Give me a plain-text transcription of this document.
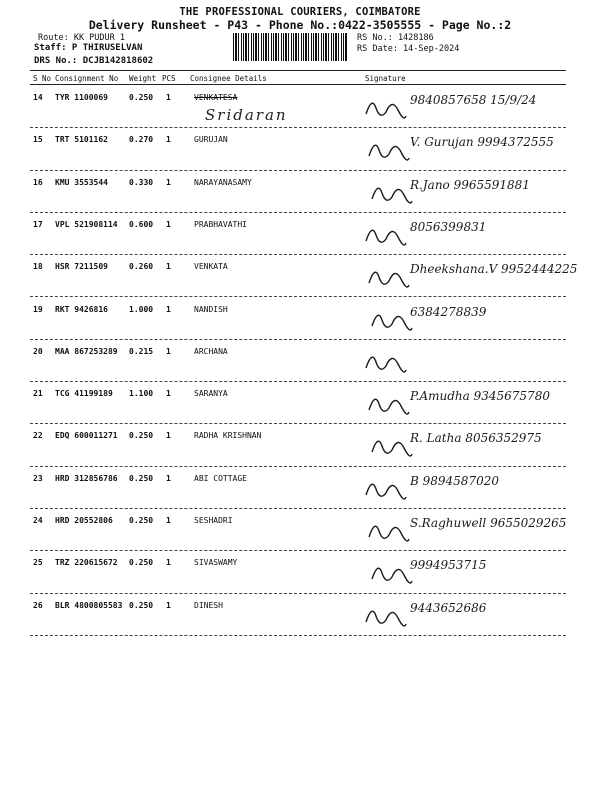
THE PROFESSIONAL COURIERS, COIMBATORE
Delivery Runsheet - P43 - Phone No.:0422-3505555 - Page No.:2
Route: KK PUDUR 1
Staff: P THIRUSELVAN
DRS No.: DCJB142818602
RS No.: 1428186
RS Date: 14-Sep-2024
S No Consignment No Weight PCS Consignee Details	Signature
14 TYR 1100069	0.250 1	VENKATESA
Sridaran
9840857658 15/9/24
15 TRT 5101162	0.270 1	GURUJAN	V. Gurujan 9994372555
16 KMU 3553544	0.330 1	NARAYANASAMY	R.Jano 9965591881
17 VPL 521908114 0.600 1	PRABHAVATHI	8056399831
18 HSR 7211509	0.260 1	VENKATA	Dheekshana.V 9952444225
19 RKT 9426816	1.000 1	NANDISH	6384278839
20 MAA 867253289 0.215 1	ARCHANA
21 TCG 41199189 1.100 1	SARANYA	P.Amudha 9345675780
22 EDQ 600011271 0.250 1	RADHA KRISHNAN	R. Latha 8056352975
23 HRD 312856786 0.250 1	ABI COTTAGE	B 9894587020
24 HRD 20552806 0.250 1	SESHADRI	S.Raghuwell 9655029265
25 TRZ 220615672 0.250 1	SIVASWAMY	9994953715
26 BLR 4800805583 0.250 1	DINESH	9443652686
